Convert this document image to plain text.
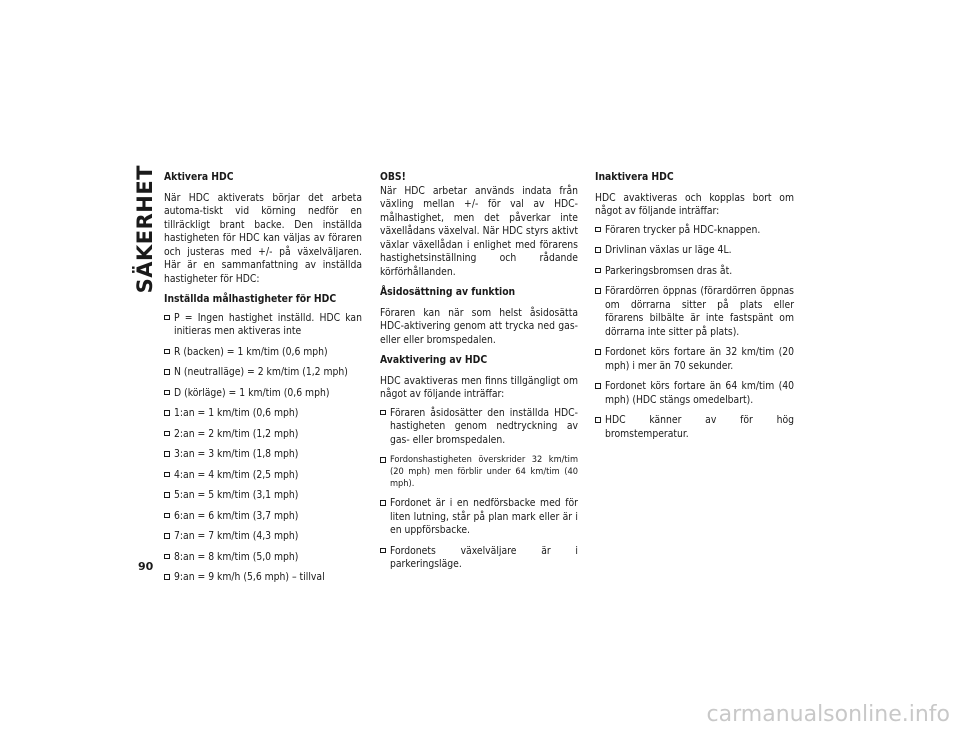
SÄKERHET
90
Aktivera HDC
När HDC aktiverats börjar det arbeta automa-tiskt vid körning nedför en tillräckligt brant backe. Den inställda hastigheten för HDC kan väljas av föraren och justeras med +/- på växelväljaren. Här är en sammanfattning av inställda hastigheter för HDC:
Inställda målhastigheter för HDC
P = Ingen hastighet inställd. HDC kan initieras men aktiveras inte
R (backen) = 1 km/tim (0,6 mph)
N (neutralläge) = 2 km/tim (1,2 mph)
D (körläge) = 1 km/tim (0,6 mph)
1:an = 1 km/tim (0,6 mph)
2:an = 2 km/tim (1,2 mph)
3:an = 3 km/tim (1,8 mph)
4:an = 4 km/tim (2,5 mph)
5:an = 5 km/tim (3,1 mph)
6:an = 6 km/tim (3,7 mph)
7:an = 7 km/tim (4,3 mph)
8:an = 8 km/tim (5,0 mph)
9:an = 9 km/h (5,6 mph) – tillval
OBS!
När HDC arbetar används indata från växling mellan +/- för val av HDC-målhastighet, men det påverkar inte växellådans växelval. När HDC styrs aktivt växlar växellådan i enlighet med förarens hastighetsinställning och rådande körförhållanden.
Åsidosättning av funktion
Föraren kan när som helst åsidosätta HDC-aktivering genom att trycka ned gas- eller eller bromspedalen.
Avaktivering av HDC
HDC avaktiveras men finns tillgängligt om något av följande inträffar:
Föraren åsidosätter den inställda HDC-hastigheten genom nedtryckning av gas- eller bromspedalen.
Fordonshastigheten överskrider 32 km/tim (20 mph) men förblir under 64 km/tim (40 mph).
Fordonet är i en nedförsbacke med för liten lutning, står på plan mark eller är i en uppförsbacke.
Fordonets växelväljare är i parkeringsläge.
Inaktivera HDC
HDC avaktiveras och kopplas bort om något av följande inträffar:
Föraren trycker på HDC-knappen.
Drivlinan växlas ur läge 4L.
Parkeringsbromsen dras åt.
Förardörren öppnas (förardörren öppnas om dörrarna sitter på plats eller förarens bilbälte är inte fastspänt om dörrarna inte sitter på plats).
Fordonet körs fortare än 32 km/tim (20 mph) i mer än 70 sekunder.
Fordonet körs fortare än 64 km/tim (40 mph) (HDC stängs omedelbart).
HDC känner av för hög bromstemperatur.
carmanualsonline.info
